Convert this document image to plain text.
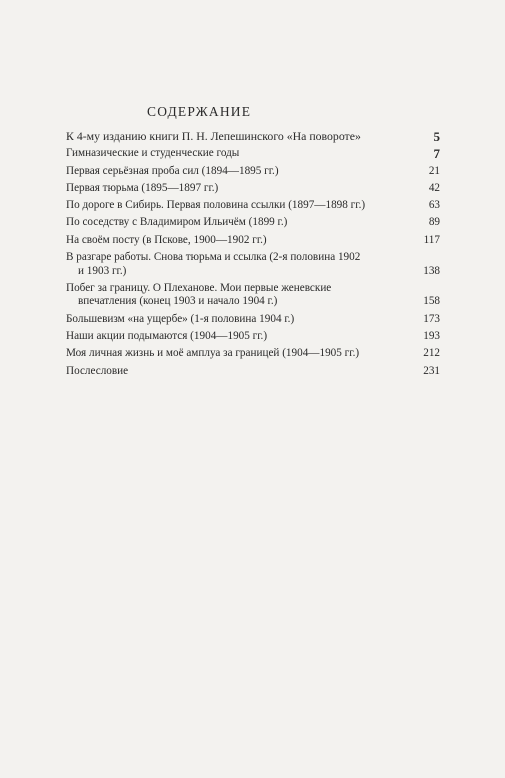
СОДЕРЖАНИЕ
К 4-му изданию книги П. Н. Лепешинского «На повороте»	5
Гимназические и студенческие годы	7
Первая серьёзная проба сил (1894—1895 гг.)	21
Первая тюрьма (1895—1897 гг.)	42
По дороге в Сибирь. Первая половина ссылки (1897—1898 гг.)	63
По соседству с Владимиром Ильичём (1899 г.)	89
На своём посту (в Пскове, 1900—1902 гг.)	117
В разгаре работы. Снова тюрьма и ссылка (2-я половина 1902
и 1903 гг.)	138
Побег за границу. О Плеханове. Мои первые женевские
впечатления (конец 1903 и начало 1904 г.)	158
Большевизм «на ущербе» (1-я половина 1904 г.)	173
Наши акции подымаются (1904—1905 гг.)	193
Моя личная жизнь и моё амплуа за границей (1904—1905 гг.)	212
Послесловие	231
